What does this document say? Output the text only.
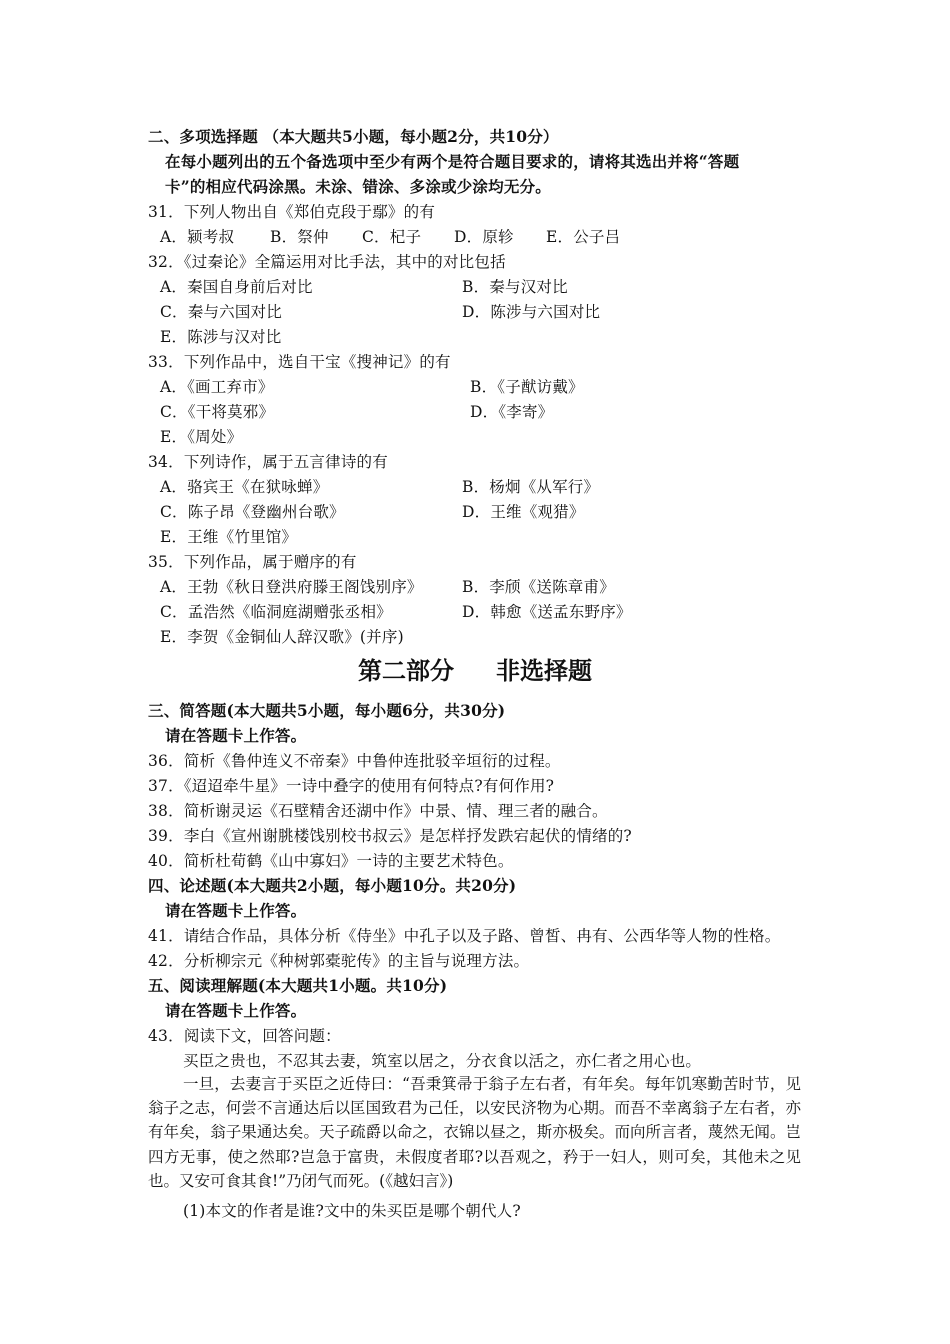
二、多项选择题 （本大题共5小题，每小题2分，共10分）
在每小题列出的五个备选项中至少有两个是符合题目要求的，请将其选出并将“答题
卡”的相应代码涂黑。未涂、错涂、多涂或少涂均无分。
31．下列人物出自《郑伯克段于鄢》的有
A．颍考叔 B．祭仲 C．杞子 D．原轸 E．公子吕
32．《过秦论》全篇运用对比手法，其中的对比包括
A．秦国自身前后对比	B．秦与汉对比
C．秦与六国对比	D．陈涉与六国对比
E．陈涉与汉对比
33．下列作品中，选自干宝《搜神记》的有
A．《画工弃市》	B．《子猷访戴》
C．《干将莫邪》	D．《李寄》
E．《周处》
34．下列诗作，属于五言律诗的有
A．骆宾王《在狱咏蝉》	B．杨炯《从军行》
C．陈子昂《登幽州台歌》	D．王维《观猎》
E．王维《竹里馆》
35．下列作品，属于赠序的有
A．王勃《秋日登洪府滕王阁饯别序》	B．李颀《送陈章甫》
C．孟浩然《临洞庭湖赠张丞相》	D．韩愈《送孟东野序》
E．李贺《金铜仙人辞汉歌》(并序)
第二部分 非选择题
三、简答题(本大题共5小题，每小题6分，共30分)
请在答题卡上作答。
36．简析《鲁仲连义不帝秦》中鲁仲连批驳辛垣衍的过程。
37．《迢迢牵牛星》一诗中叠字的使用有何特点?有何作用?
38．简析谢灵运《石壁精舍还湖中作》中景、情、理三者的融合。
39．李白《宣州谢朓楼饯别校书叔云》是怎样抒发跌宕起伏的情绪的?
40．简析杜荀鹤《山中寡妇》一诗的主要艺术特色。
四、论述题(本大题共2小题，每小题10分。共20分)
请在答题卡上作答。
41．请结合作品，具体分析《侍坐》中孔子以及子路、曾皙、冉有、公西华等人物的性格。
42．分析柳宗元《种树郭橐驼传》的主旨与说理方法。
五、阅读理解题(本大题共1小题。共10分)
请在答题卡上作答。
43．阅读下文，回答问题：
买臣之贵也，不忍其去妻，筑室以居之，分衣食以活之，亦仁者之用心也。
一旦，去妻言于买臣之近侍曰：“吾秉箕帚于翁子左右者，有年矣。每年饥寒勤苦时节，见翁子之志，何尝不言通达后以匡国致君为己任，以安民济物为心期。而吾不幸离翁子左右者，亦有年矣，翁子果通达矣。天子疏爵以命之，衣锦以昼之，斯亦极矣。而向所言者，蔑然无闻。岂四方无事，使之然耶?岂急于富贵，未假度者耶?以吾观之，矜于一妇人，则可矣，其他未之见也。又安可食其食!”乃闭气而死。(《越妇言》)
(1)本文的作者是谁?文中的朱买臣是哪个朝代人?
